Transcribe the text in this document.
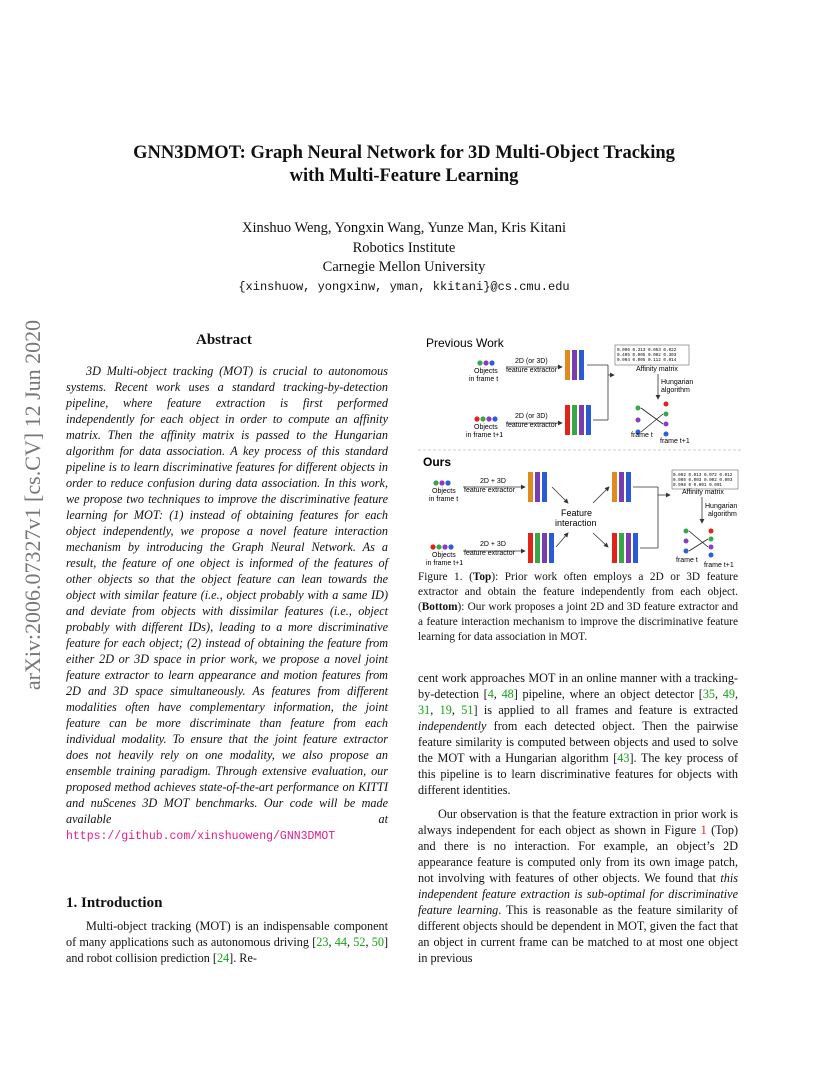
arXiv:2006.07327v1 [cs.CV] 12 Jun 2020
GNN3DMOT: Graph Neural Network for 3D Multi-Object Tracking
with Multi-Feature Learning
Xinshuo Weng, Yongxin Wang, Yunze Man, Kris Kitani
Robotics Institute
Carnegie Mellon University
{xinshuow, yongxinw, yman, kkitani}@cs.cmu.edu
Abstract
3D Multi-object tracking (MOT) is crucial to autonomous systems. Recent work uses a standard tracking-by-detection pipeline, where feature extraction is first performed independently for each object in order to compute an affinity matrix. Then the affinity matrix is passed to the Hungarian algorithm for data association. A key process of this standard pipeline is to learn discriminative features for different objects in order to reduce confusion during data association. In this work, we propose two techniques to improve the discriminative feature learning for MOT: (1) instead of obtaining features for each object independently, we propose a novel feature interaction mechanism by introducing the Graph Neural Network. As a result, the feature of one object is informed of the features of other objects so that the object feature can lean towards the object with similar feature (i.e., object probably with a same ID) and deviate from objects with dissimilar features (i.e., object probably with different IDs), leading to a more discriminative feature for each object; (2) instead of obtaining the feature from either 2D or 3D space in prior work, we propose a novel joint feature extractor to learn appearance and motion features from 2D and 3D space simultaneously. As features from different modalities often have complementary information, the joint feature can be more discriminate than feature from each individual modality. To ensure that the joint feature extractor does not heavily rely on one modality, we also propose an ensemble training paradigm. Through extensive evaluation, our proposed method achieves state-of-the-art performance on KITTI and nuScenes 3D MOT benchmarks. Our code will be made available at https://github.com/xinshuoweng/GNN3DMOT
1. Introduction
Multi-object tracking (MOT) is an indispensable component of many applications such as autonomous driving [23, 44, 52, 50] and robot collision prediction [24]. Re-
Previous Work
Objects
in frame t
2D (or 3D)
feature extractor
0.006 0.313 0.053 0.022
0.405 0.005 0.002 0.303
0.004 0.005 0.112 0.014
Affinity matrix
Hungarian
algorithm
frame t
frame t+1
Objects
in frame t+1
2D (or 3D)
feature extractor
Ours
Objects
in frame t
2D + 3D
feature extractor
Feature
interaction
0.002 0.013 0.072 0.012
0.005 0.003 0.002 0.003
0.998 0 0.001 0.001
Affinity matrix
Hungarian
algorithm
frame t
frame t+1
Objects
in frame t+1
2D + 3D
feature extractor
Figure 1. (Top): Prior work often employs a 2D or 3D feature extractor and obtain the feature independently from each object. (Bottom): Our work proposes a joint 2D and 3D feature extractor and a feature interaction mechanism to improve the discriminative feature learning for data association in MOT.

cent work approaches MOT in an online manner with a tracking-by-detection [4, 48] pipeline, where an object detector [35, 49, 31, 19, 51] is applied to all frames and feature is extracted independently from each detected object. Then the pairwise feature similarity is computed between objects and used to solve the MOT with a Hungarian algorithm [43]. The key process of this pipeline is to learn discriminative features for objects with different identities.

Our observation is that the feature extraction in prior work is always independent for each object as shown in Figure 1 (Top) and there is no interaction. For example, an object’s 2D appearance feature is computed only from its own image patch, not involving with features of other objects. We found that this independent feature extraction is sub-optimal for discriminative feature learning. This is reasonable as the feature similarity of different objects should be dependent in MOT, given the fact that an object in current frame can be matched to at most one object in previous
